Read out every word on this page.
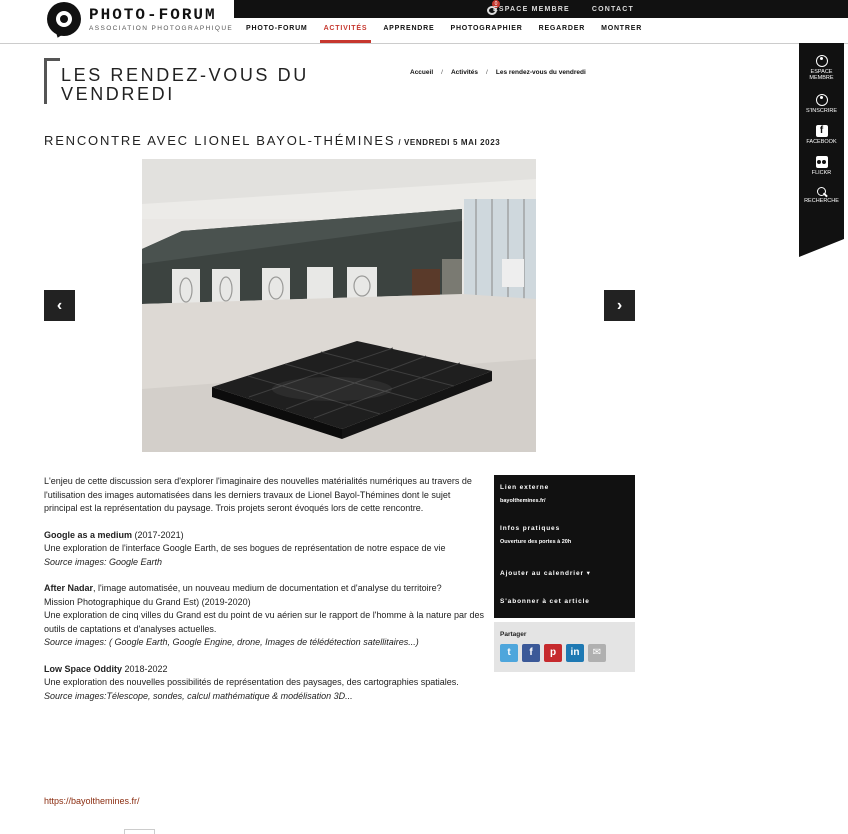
0
ESPACE MEMBRE	CONTACT
PHOTO-FORUM
ASSOCIATION PHOTOGRAPHIQUE	PHOTO-FORUM	ACTIVITÉS	APPRENDRE	PHOTOGRAPHIER	REGARDER	MONTRER
ESPACE MEMBRE
S'INSCRIRE
f
FACEBOOK
FLICKR
RECHERCHE
LES RENDEZ-VOUS DU VENDREDI
Accueil / Activités / Les rendez-vous du vendredi
RENCONTRE AVEC LIONEL BAYOL-THÉMINES / VENDREDI 5 MAI 2023
‹	›

L'enjeu de cette discussion sera d'explorer l'imaginaire des nouvelles matérialités numériques au travers de l'utilisation des images automatisées dans les derniers travaux de Lionel Bayol-Thémines dont le sujet principal est la représentation du paysage. Trois projets seront évoqués lors de cette rencontre.

Google as a medium (2017-2021)
Une exploration de l'interface Google Earth, de ses bogues de représentation de notre espace de vie
Source images: Google Earth

After Nadar, l'image automatisée, un nouveau medium de documentation et d'analyse du territoire?
Mission Photographique du Grand Est) (2019-2020)
Une exploration de cinq villes du Grand est du point de vu aérien sur le rapport de l'homme à la nature par des outils de captations et d'analyses actuelles.
Source images: ( Google Earth, Google Engine, drone, Images de télédétection satellitaires...)

Low Space Oddity 2018-2022
Une exploration des nouvelles possibilités de représentation des paysages, des cartographies spatiales.
Source images:Télescope, sondes, calcul mathématique & modélisation 3D...

https://bayolthemines.fr/
Lien externe
bayolthemines.fr/
Infos pratiques
Ouverture des portes à 20h
Ajouter au calendrier ▾
S'abonner à cet article
Partager
t	f	p	in	✉
